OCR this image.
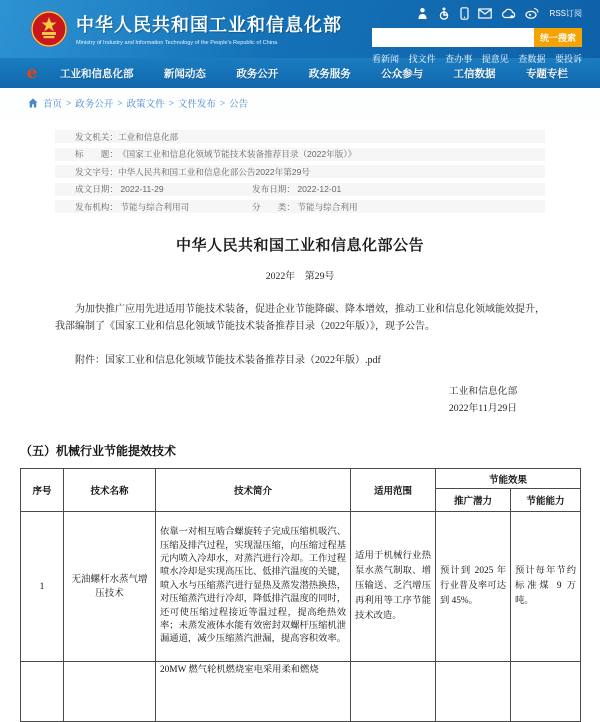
中华人民共和国工业和信息化部
Ministry of Industry and Information Technology of the People's Republic of China
RSS订阅
统一搜索
看新闻 找文件 查办事 提意见 查数据 要投诉
e	工业和信息化部	新闻动态	政务公开	政务服务	公众参与	工信数据	专题专栏
首页 > 政务公开 > 政策文件 > 文件发布 > 公告
发文机关： 工业和信息化部
标　　题： 《国家工业和信息化领域节能技术装备推荐目录（2022年版）》
发文字号： 中华人民共和国工业和信息化部公告2022年第29号
成文日期： 2022-11-29	发布日期： 2022-12-01
发布机构： 节能与综合利用司	分　　类： 节能与综合利用
中华人民共和国工业和信息化部公告
2022年　第29号

为加快推广应用先进适用节能技术装备，促进企业节能降碳、降本增效，推动工业和信息化领域能效提升，我部编制了《国家工业和信息化领域节能技术装备推荐目录（2022年版）》，现予公告。

附件：国家工业和信息化领域节能技术装备推荐目录（2022年版）.pdf
工业和信息化部
2022年11月29日
（五）机械行业节能提效技术
序号	技术名称	技术简介	适用范围	节能效果	
				推广潜力	节能能力
1	无油螺杆水蒸气增压技术	依靠一对相互啮合螺旋转子完成压缩机吸汽、压缩及排汽过程，实现湿压缩，向压缩过程基元内喷入冷却水，对蒸汽进行冷却。工作过程喷水冷却是实现高压比、低排汽温度的关键，喷入水与压缩蒸汽进行显热及蒸发潜热换热，对压缩蒸汽进行冷却，降低排汽温度的同时，还可使压缩过程接近等温过程，提高绝热效率；未蒸发液体水能有效密封双螺杆压缩机泄漏通道，减少压缩蒸汽泄漏，提高容积效率。	适用于机械行业热泵水蒸气制取、增压输送、乏汽增压再利用等工序节能技术改造。	预计到 2025 年行业普及率可达到 45%。	预计每年节约标准煤 9 万吨。
		20MW 燃气轮机燃烧室电采用柔和燃烧			
